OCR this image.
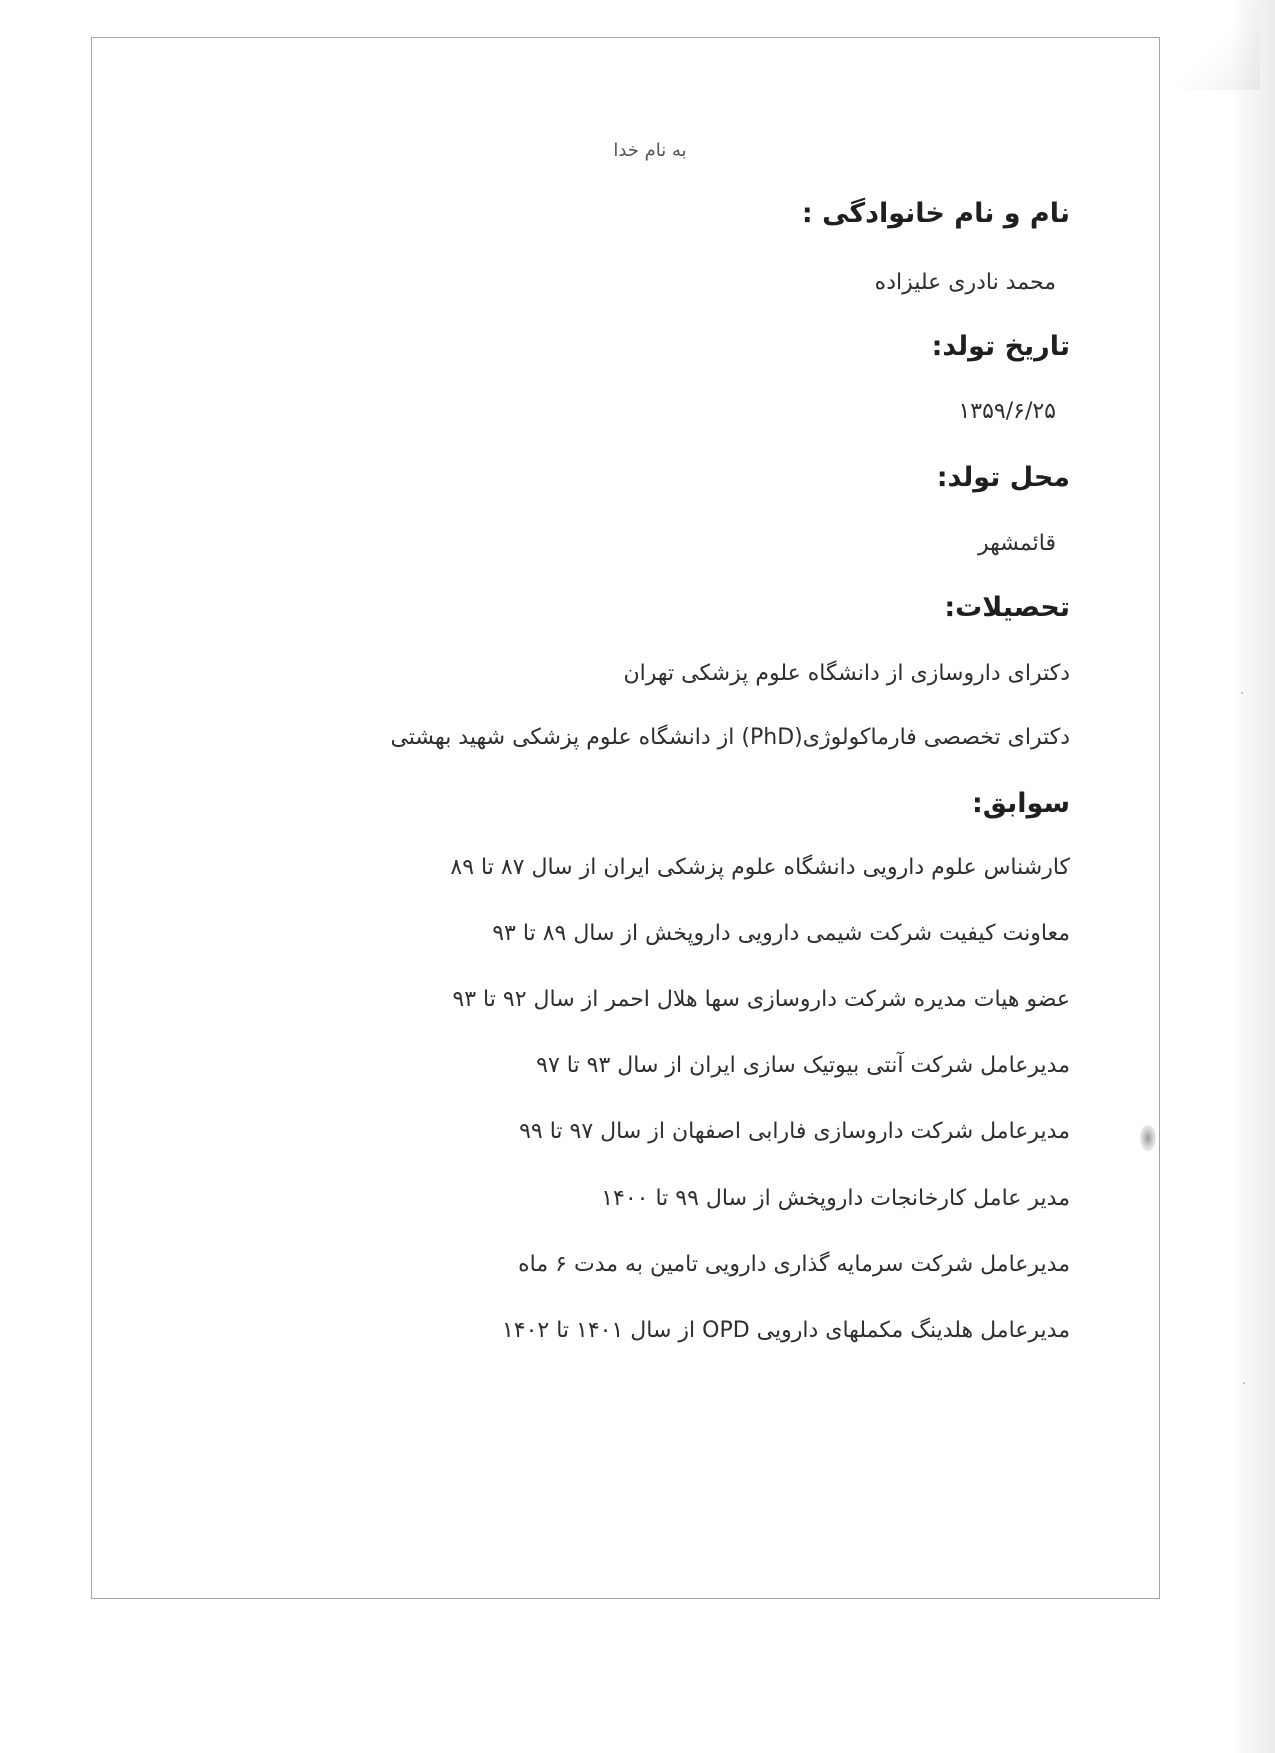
به نام خدا
نام و نام خانوادگی :
محمد نادری علیزاده
تاریخ تولد:
۱۳۵۹/۶/۲۵
محل تولد:
قائمشهر
تحصیلات:
دکترای داروسازی از دانشگاه علوم پزشکی تهران
دکترای تخصصی فارماکولوژی(PhD) از دانشگاه علوم پزشکی شهید بهشتی
سوابق:
کارشناس علوم دارویی دانشگاه علوم پزشکی ایران از سال ۸۷ تا ۸۹
معاونت کیفیت شرکت شیمی دارویی داروپخش از سال ۸۹ تا ۹۳
عضو هیات مدیره شرکت داروسازی سها هلال احمر از سال ۹۲ تا ۹۳
مدیرعامل شرکت آنتی بیوتیک سازی ایران از سال ۹۳ تا ۹۷
مدیرعامل شرکت داروسازی فارابی اصفهان از سال ۹۷ تا ۹۹
مدیر عامل کارخانجات داروپخش از سال ۹۹ تا ۱۴۰۰
مدیرعامل شرکت سرمایه گذاری دارویی تامین به مدت ۶ ماه
مدیرعامل هلدینگ مکملهای دارویی OPD از سال ۱۴۰۱ تا ۱۴۰۲
